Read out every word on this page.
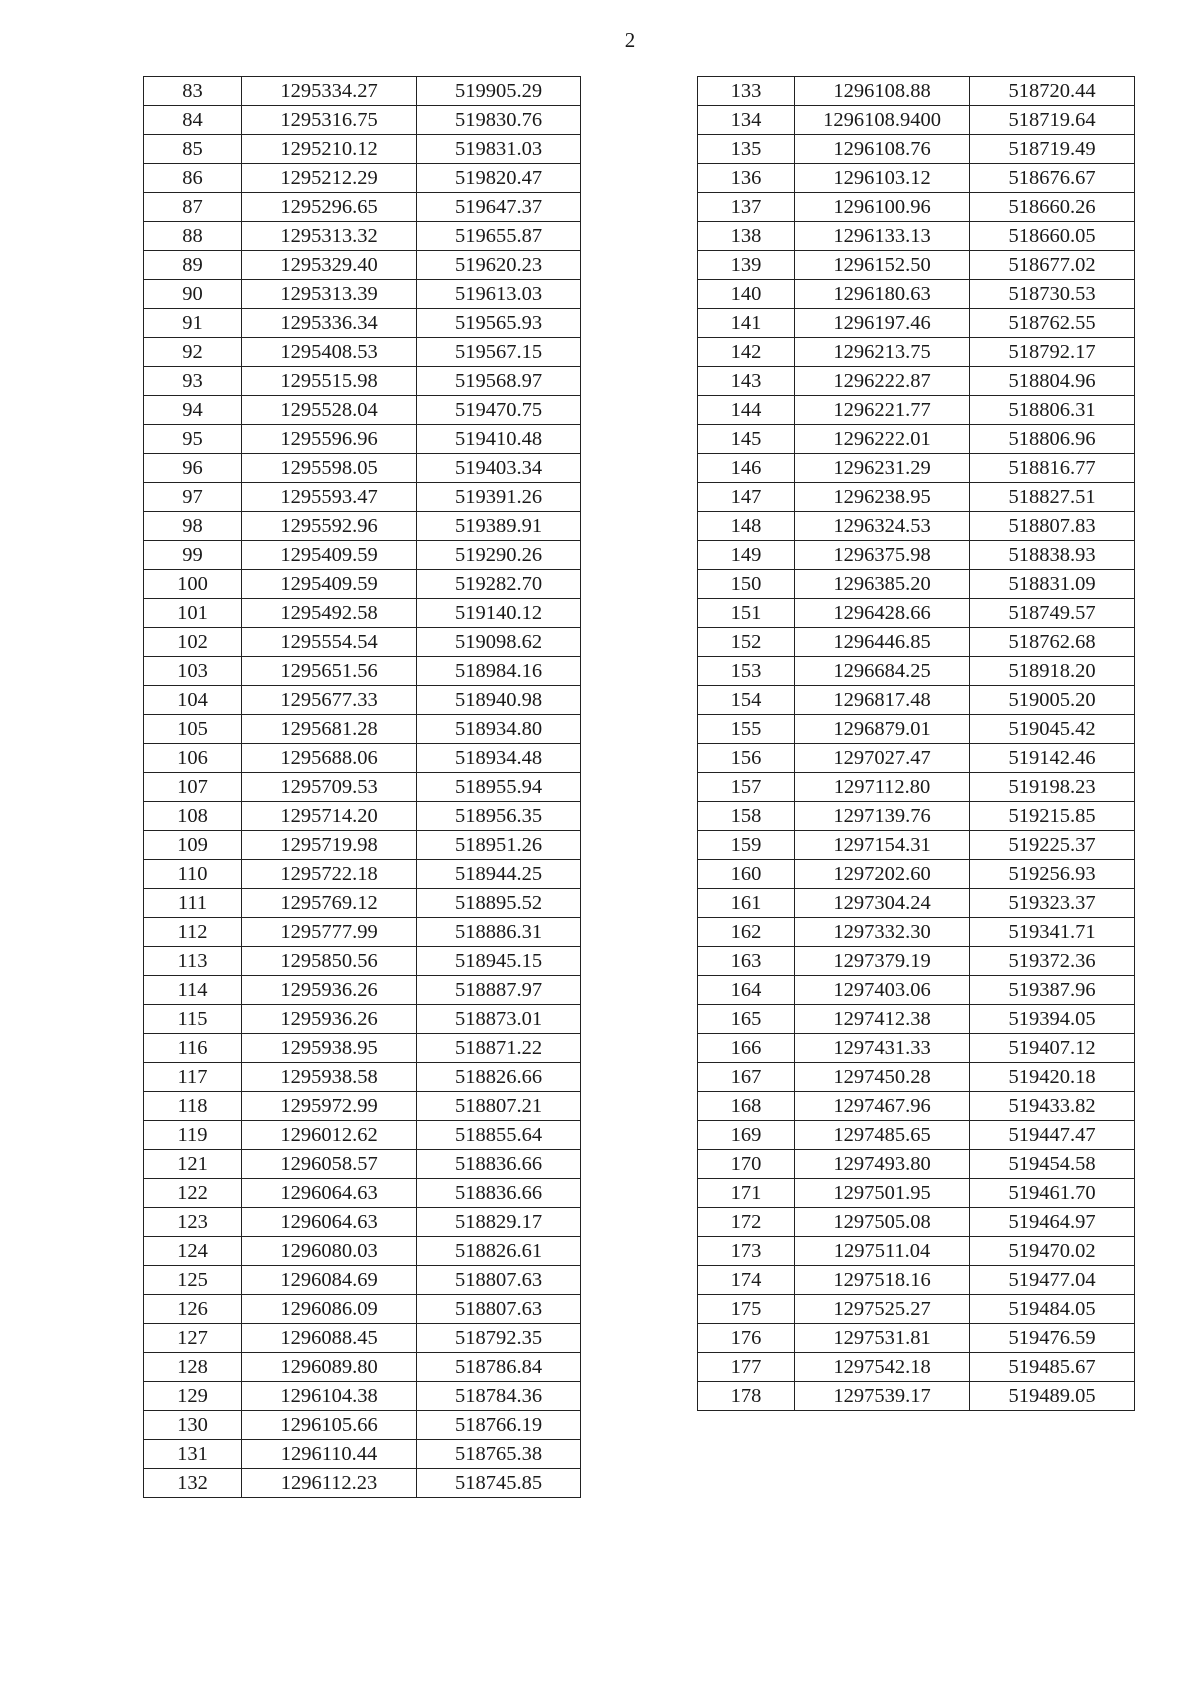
2
83	1295334.27	519905.29
84	1295316.75	519830.76
85	1295210.12	519831.03
86	1295212.29	519820.47
87	1295296.65	519647.37
88	1295313.32	519655.87
89	1295329.40	519620.23
90	1295313.39	519613.03
91	1295336.34	519565.93
92	1295408.53	519567.15
93	1295515.98	519568.97
94	1295528.04	519470.75
95	1295596.96	519410.48
96	1295598.05	519403.34
97	1295593.47	519391.26
98	1295592.96	519389.91
99	1295409.59	519290.26
100	1295409.59	519282.70
101	1295492.58	519140.12
102	1295554.54	519098.62
103	1295651.56	518984.16
104	1295677.33	518940.98
105	1295681.28	518934.80
106	1295688.06	518934.48
107	1295709.53	518955.94
108	1295714.20	518956.35
109	1295719.98	518951.26
110	1295722.18	518944.25
111	1295769.12	518895.52
112	1295777.99	518886.31
113	1295850.56	518945.15
114	1295936.26	518887.97
115	1295936.26	518873.01
116	1295938.95	518871.22
117	1295938.58	518826.66
118	1295972.99	518807.21
119	1296012.62	518855.64
121	1296058.57	518836.66
122	1296064.63	518836.66
123	1296064.63	518829.17
124	1296080.03	518826.61
125	1296084.69	518807.63
126	1296086.09	518807.63
127	1296088.45	518792.35
128	1296089.80	518786.84
129	1296104.38	518784.36
130	1296105.66	518766.19
131	1296110.44	518765.38
132	1296112.23	518745.85
133	1296108.88	518720.44
134	1296108.9400	518719.64
135	1296108.76	518719.49
136	1296103.12	518676.67
137	1296100.96	518660.26
138	1296133.13	518660.05
139	1296152.50	518677.02
140	1296180.63	518730.53
141	1296197.46	518762.55
142	1296213.75	518792.17
143	1296222.87	518804.96
144	1296221.77	518806.31
145	1296222.01	518806.96
146	1296231.29	518816.77
147	1296238.95	518827.51
148	1296324.53	518807.83
149	1296375.98	518838.93
150	1296385.20	518831.09
151	1296428.66	518749.57
152	1296446.85	518762.68
153	1296684.25	518918.20
154	1296817.48	519005.20
155	1296879.01	519045.42
156	1297027.47	519142.46
157	1297112.80	519198.23
158	1297139.76	519215.85
159	1297154.31	519225.37
160	1297202.60	519256.93
161	1297304.24	519323.37
162	1297332.30	519341.71
163	1297379.19	519372.36
164	1297403.06	519387.96
165	1297412.38	519394.05
166	1297431.33	519407.12
167	1297450.28	519420.18
168	1297467.96	519433.82
169	1297485.65	519447.47
170	1297493.80	519454.58
171	1297501.95	519461.70
172	1297505.08	519464.97
173	1297511.04	519470.02
174	1297518.16	519477.04
175	1297525.27	519484.05
176	1297531.81	519476.59
177	1297542.18	519485.67
178	1297539.17	519489.05
